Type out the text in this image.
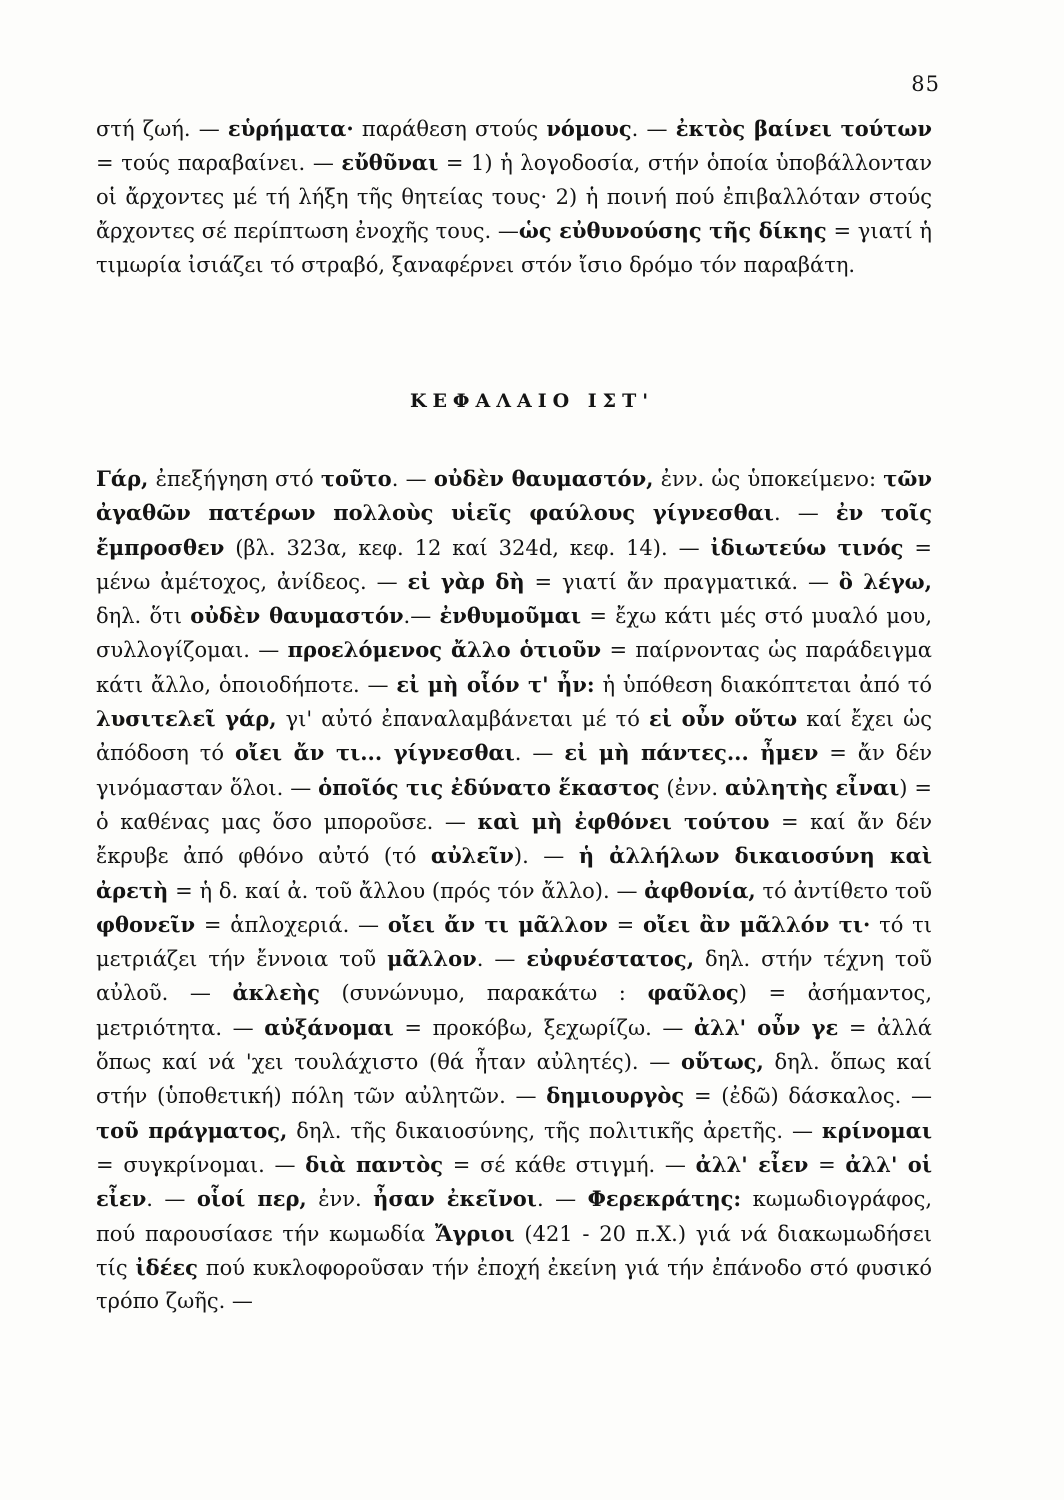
85

στή ζωή. — εὑρήματα· παράθεση στούς νόμους. — ἐκτὸς βαίνει τούτων = τούς παραβαίνει. — εὔθῦναι = 1) ἡ λογοδοσία, στήν ὁποία ὑποβάλλονταν οἱ ἄρχοντες μέ τή λήξη τῆς θητείας τους· 2) ἡ ποινή πού ἐπιβαλλόταν στούς ἄρχοντες σέ περίπτωση ἐνοχῆς τους. —ὡς εὐθυνούσης τῆς δίκης = γιατί ἡ τιμωρία ἰσιάζει τό στραβό, ξαναφέρνει στόν ἴσιο δρόμο τόν παραβάτη.

ΚΕΦΑΛΑΙΟ ΙΣΤ'

Γάρ, ἐπεξήγηση στό τοῦτο. — οὐδὲν θαυμαστόν, ἐνν. ὡς ὑποκείμενο: τῶν ἀγαθῶν πατέρων πολλοὺς υἱεῖς φαύλους γίγνεσθαι. — ἐν τοῖς ἔμπροσθεν (βλ. 323α, κεφ. 12 καί 324d, κεφ. 14). — ἰδιωτεύω τινός = μένω ἀμέτοχος, ἀνίδεος. — εἰ γὰρ δὴ = γιατί ἄν πραγματικά. — ὃ λέγω, δηλ. ὅτι οὐδὲν θαυμαστόν.— ἐνθυμοῦμαι = ἔχω κάτι μές στό μυαλό μου, συλλογίζομαι. — προελόμενος ἄλλο ὁτιοῦν = παίρνοντας ὡς παράδειγμα κάτι ἄλλο, ὁποιοδήποτε. — εἰ μὴ οἷόν τ' ἦν: ἡ ὑπόθεση διακόπτεται ἀπό τό λυσιτελεῖ γάρ, γι' αὐτό ἐπαναλαμβάνεται μέ τό εἰ οὖν οὕτω καί ἔχει ὡς ἀπόδοση τό οἴει ἄν τι... γίγνεσθαι. — εἰ μὴ πάντες... ἦμεν = ἄν δέν γινόμασταν ὅλοι. — ὁποῖός τις ἐδύνατο ἕκαστος (ἐνν. αὐλητὴς εἶναι) = ὁ καθένας μας ὅσο μποροῦσε. — καὶ μὴ ἐφθόνει τούτου = καί ἄν δέν ἔκρυβε ἀπό φθόνο αὐτό (τό αὐλεῖν). — ἡ ἀλλήλων δικαιοσύνη καὶ ἀρετὴ = ἡ δ. καί ἀ. τοῦ ἄλλου (πρός τόν ἄλλο). — ἀφθονία, τό ἀντίθετο τοῦ φθονεῖν = ἁπλοχεριά. — οἴει ἄν τι μᾶλλον = οἴει ἂν μᾶλλόν τι· τό τι μετριάζει τήν ἔννοια τοῦ μᾶλλον. — εὐφυέστατος, δηλ. στήν τέχνη τοῦ αὐλοῦ. — ἀκλεὴς (συνώνυμο, παρακάτω : φαῦλος) = ἀσήμαντος, μετριότητα. — αὐξάνομαι = προκόβω, ξεχωρίζω. — ἀλλ' οὖν γε = ἀλλά ὅπως καί νά 'χει τουλάχιστο (θά ἦταν αὐλητές). — οὕτως, δηλ. ὅπως καί στήν (ὑποθετική) πόλη τῶν αὐλητῶν. — δημιουργὸς = (ἐδῶ) δάσκαλος. — τοῦ πράγματος, δηλ. τῆς δικαιοσύνης, τῆς πολιτικῆς ἀρετῆς. — κρίνομαι = συγκρίνομαι. — διὰ παντὸς = σέ κάθε στιγμή. — ἀλλ' εἶεν = ἀλλ' οἱ εἶεν. — οἷοί περ, ἐνν. ἦσαν ἐκεῖνοι. — Φερεκράτης: κωμωδιογράφος, πού παρουσίασε τήν κωμωδία Ἄγριοι (421 - 20 π.Χ.) γιά νά διακωμωδήσει τίς ἰδέες πού κυκλοφοροῦσαν τήν ἐποχή ἐκείνη γιά τήν ἐπάνοδο στό φυσικό τρόπο ζωῆς. —
